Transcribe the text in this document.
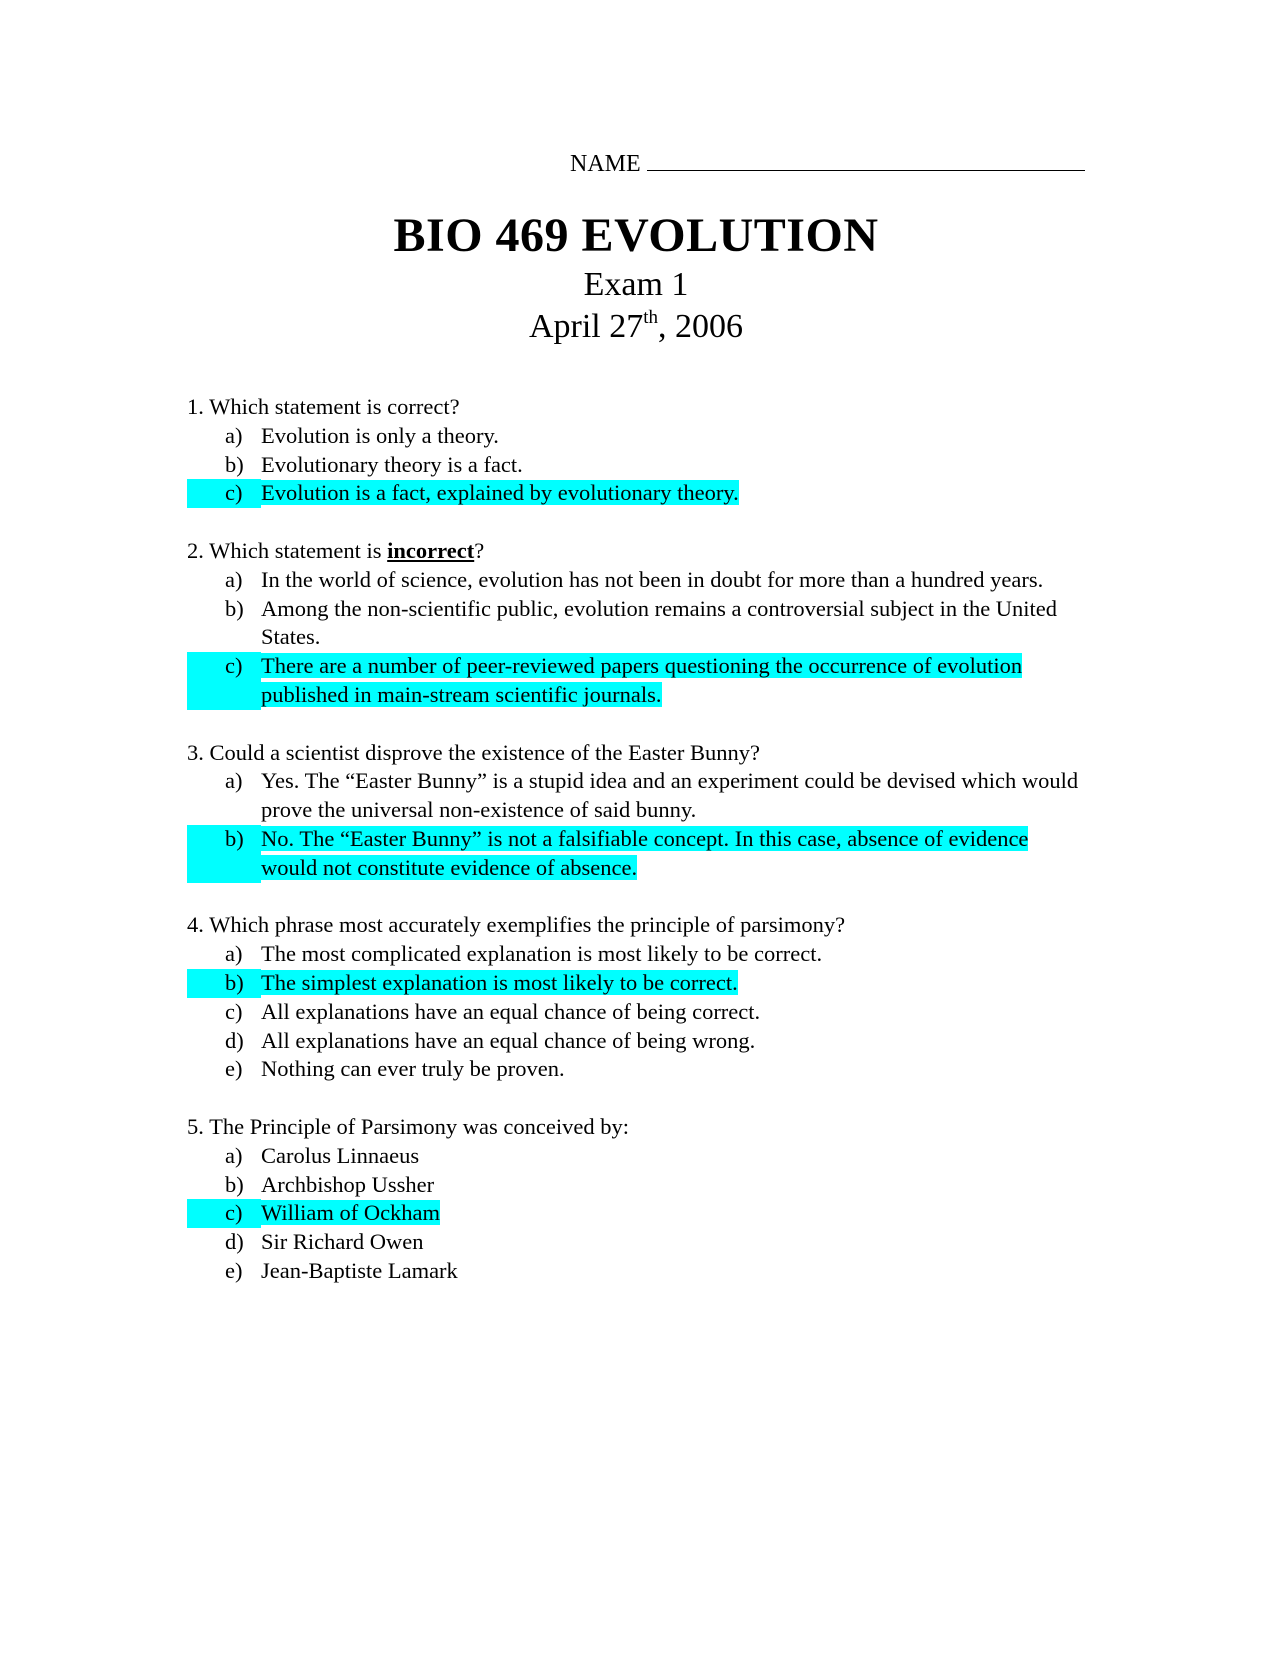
NAME
BIO 469 EVOLUTION

Exam 1

April 27th, 2006

1. Which statement is correct?

a) Evolution is only a theory.
b) Evolutionary theory is a fact.
c) Evolution is a fact, explained by evolutionary theory.

2. Which statement is incorrect?

a) In the world of science, evolution has not been in doubt for more than a hundred years.
b) Among the non-scientific public, evolution remains a controversial subject in the United States.
c) There are a number of peer-reviewed papers questioning the occurrence of evolution published in main-stream scientific journals.

3. Could a scientist disprove the existence of the Easter Bunny?

a) Yes. The “Easter Bunny” is a stupid idea and an experiment could be devised which would prove the universal non-existence of said bunny.
b) No. The “Easter Bunny” is not a falsifiable concept. In this case, absence of evidence would not constitute evidence of absence.

4. Which phrase most accurately exemplifies the principle of parsimony?

a) The most complicated explanation is most likely to be correct.
b) The simplest explanation is most likely to be correct.
c) All explanations have an equal chance of being correct.
d) All explanations have an equal chance of being wrong.
e) Nothing can ever truly be proven.

5. The Principle of Parsimony was conceived by:

a) Carolus Linnaeus
b) Archbishop Ussher
c) William of Ockham
d) Sir Richard Owen
e) Jean-Baptiste Lamark
